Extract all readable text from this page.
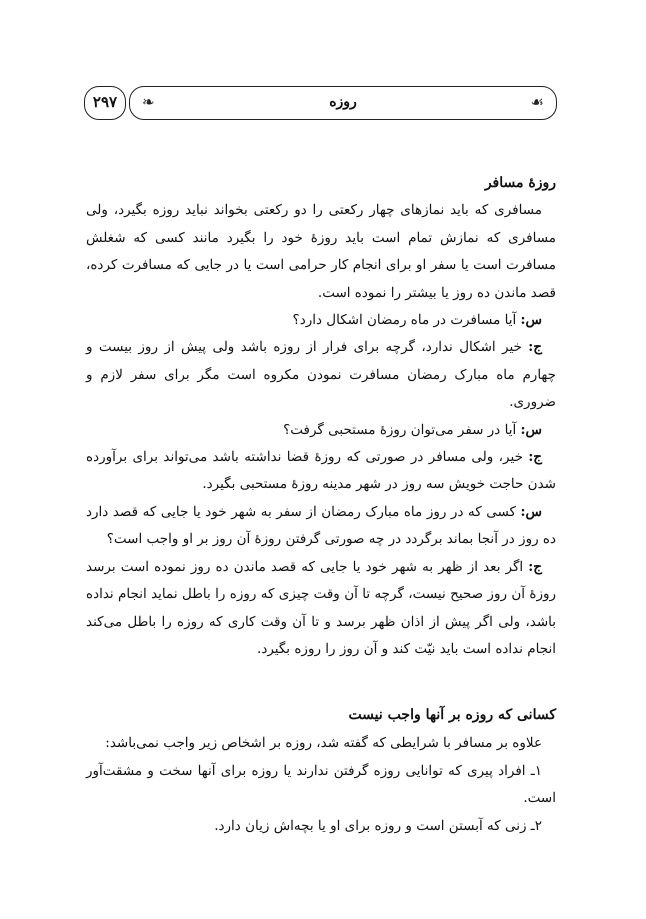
۲۹۷	❧	روزه	☙

روزۀ مسافر

مسافری که باید نمازهای چهار رکعتی را دو رکعتی بخواند نباید روزه بگیرد، ولی مسافری که نمازش تمام است باید روزۀ خود را بگیرد مانند کسی که شغلش مسافرت است یا سفر او برای انجام کار حرامی است یا در جایی که مسافرت کرده، قصد ماندن ده روز یا بیشتر را نموده است.

س: آیا مسافرت در ماه رمضان اشکال دارد؟

ج: خیر اشکال ندارد، گرچه برای فرار از روزه باشد ولی پیش از روز بیست و چهارم ماه مبارک رمضان مسافرت نمودن مکروه است مگر برای سفر لازم و ضروری.

س: آیا در سفر می‌توان روزۀ مستحبی گرفت؟

ج: خیر، ولی مسافر در صورتی که روزۀ قضا نداشته باشد می‌تواند برای برآورده شدن حاجت خویش سه روز در شهر مدینه روزۀ مستحبی بگیرد.

س: کسی که در روز ماه مبارک رمضان از سفر به شهر خود یا جایی که قصد دارد ده روز در آنجا بماند برگردد در چه صورتی گرفتن روزۀ آن روز بر او واجب است؟

ج: اگر بعد از ظهر به شهر خود یا جایی که قصد ماندن ده روز نموده است برسد روزۀ آن روز صحیح نیست، گرچه تا آن وقت چیزی که روزه را باطل نماید انجام نداده باشد، ولی اگر پیش از اذان ظهر برسد و تا آن وقت کاری که روزه را باطل می‌کند انجام نداده است باید نیّت کند و آن روز را روزه بگیرد.

کسانی که روزه بر آنها واجب نیست

علاوه بر مسافر با شرایطی که گفته شد، روزه بر اشخاص زیر واجب نمی‌باشد:

۱ـ افراد پیری که توانایی روزه گرفتن ندارند یا روزه برای آنها سخت و مشقت‌آور است.

۲ـ زنی که آبستن است و روزه برای او یا بچه‌اش زیان دارد.
